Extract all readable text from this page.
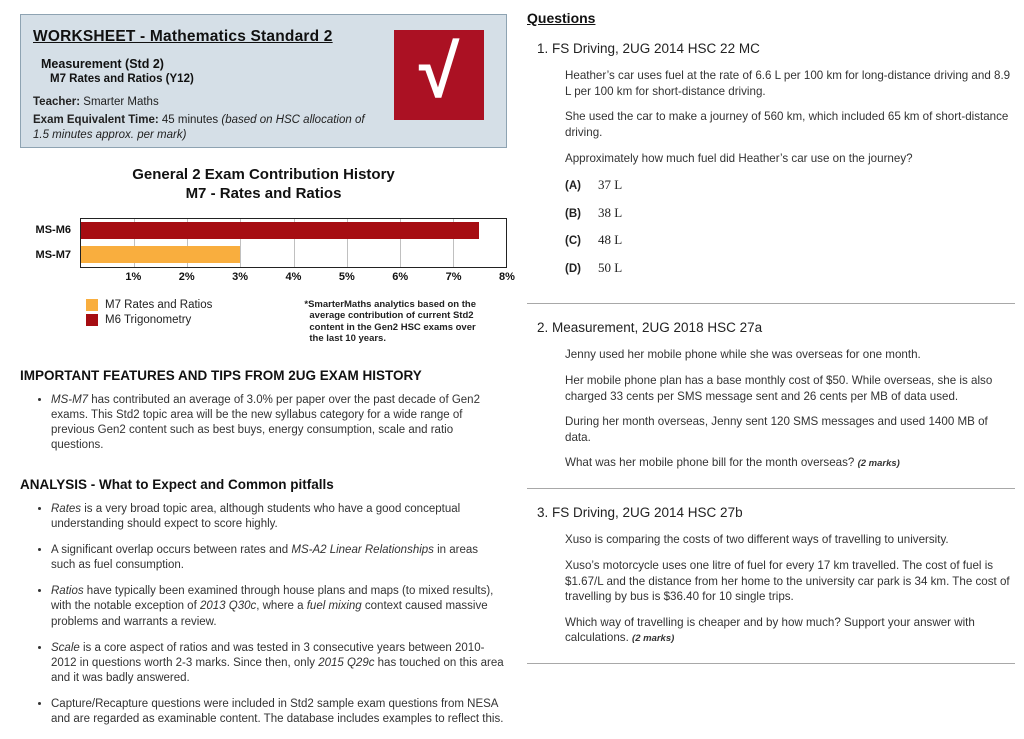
WORKSHEET - Mathematics Standard 2
Measurement (Std 2)
M7 Rates and Ratios (Y12)
Teacher: Smarter Maths
Exam Equivalent Time: 45 minutes (based on HSC allocation of 1.5 minutes approx. per mark)
√
General 2 Exam Contribution History
M7 - Rates and Ratios
MS-M6
MS-M7
1%	2%	3%	4%	5%	6%	7%	8%
M7 Rates and Ratios
M6 Trigonometry
*SmarterMaths analytics based on the
average contribution of current Std2
content in the Gen2 HSC exams over
the last 10 years.
IMPORTANT FEATURES AND TIPS FROM 2UG EXAM HISTORY
• MS-M7 has contributed an average of 3.0% per paper over the past decade of Gen2 exams. This Std2 topic area will be the new syllabus category for a wide range of previous Gen2 content such as best buys, energy consumption, scale and ratio questions.
ANALYSIS - What to Expect and Common pitfalls
• Rates is a very broad topic area, although students who have a good conceptual understanding should expect to score highly.
• A significant overlap occurs between rates and MS-A2 Linear Relationships in areas such as fuel consumption.
• Ratios have typically been examined through house plans and maps (to mixed results), with the notable exception of 2013 Q30c, where a fuel mixing context caused massive problems and warrants a review.
• Scale is a core aspect of ratios and was tested in 3 consecutive years between 2010-2012 in questions worth 2-3 marks. Since then, only 2015 Q29c has touched on this area and it was badly answered.
• Capture/Recapture questions were included in Std2 sample exam questions from NESA and are regarded as examinable content. The database includes examples to reflect this.
Questions
1. FS Driving, 2UG 2014 HSC 22 MC

Heather’s car uses fuel at the rate of 6.6 L per 100 km for long-distance driving and 8.9 L per 100 km for short-distance driving.

She used the car to make a journey of 560 km, which included 65 km of short-distance driving.

Approximately how much fuel did Heather’s car use on the journey?

(A)	37 L
(B)	38 L
(C)	48 L
(D)	50 L
2. Measurement, 2UG 2018 HSC 27a

Jenny used her mobile phone while she was overseas for one month.

Her mobile phone plan has a base monthly cost of $50. While overseas, she is also charged 33 cents per SMS message sent and 26 cents per MB of data used.

During her month overseas, Jenny sent 120 SMS messages and used 1400 MB of data.

What was her mobile phone bill for the month overseas? (2 marks)

3. FS Driving, 2UG 2014 HSC 27b

Xuso is comparing the costs of two different ways of travelling to university.

Xuso’s motorcycle uses one litre of fuel for every 17 km travelled. The cost of fuel is $1.67/L and the distance from her home to the university car park is 34 km. The cost of travelling by bus is $36.40 for 10 single trips.

Which way of travelling is cheaper and by how much? Support your answer with calculations. (2 marks)
